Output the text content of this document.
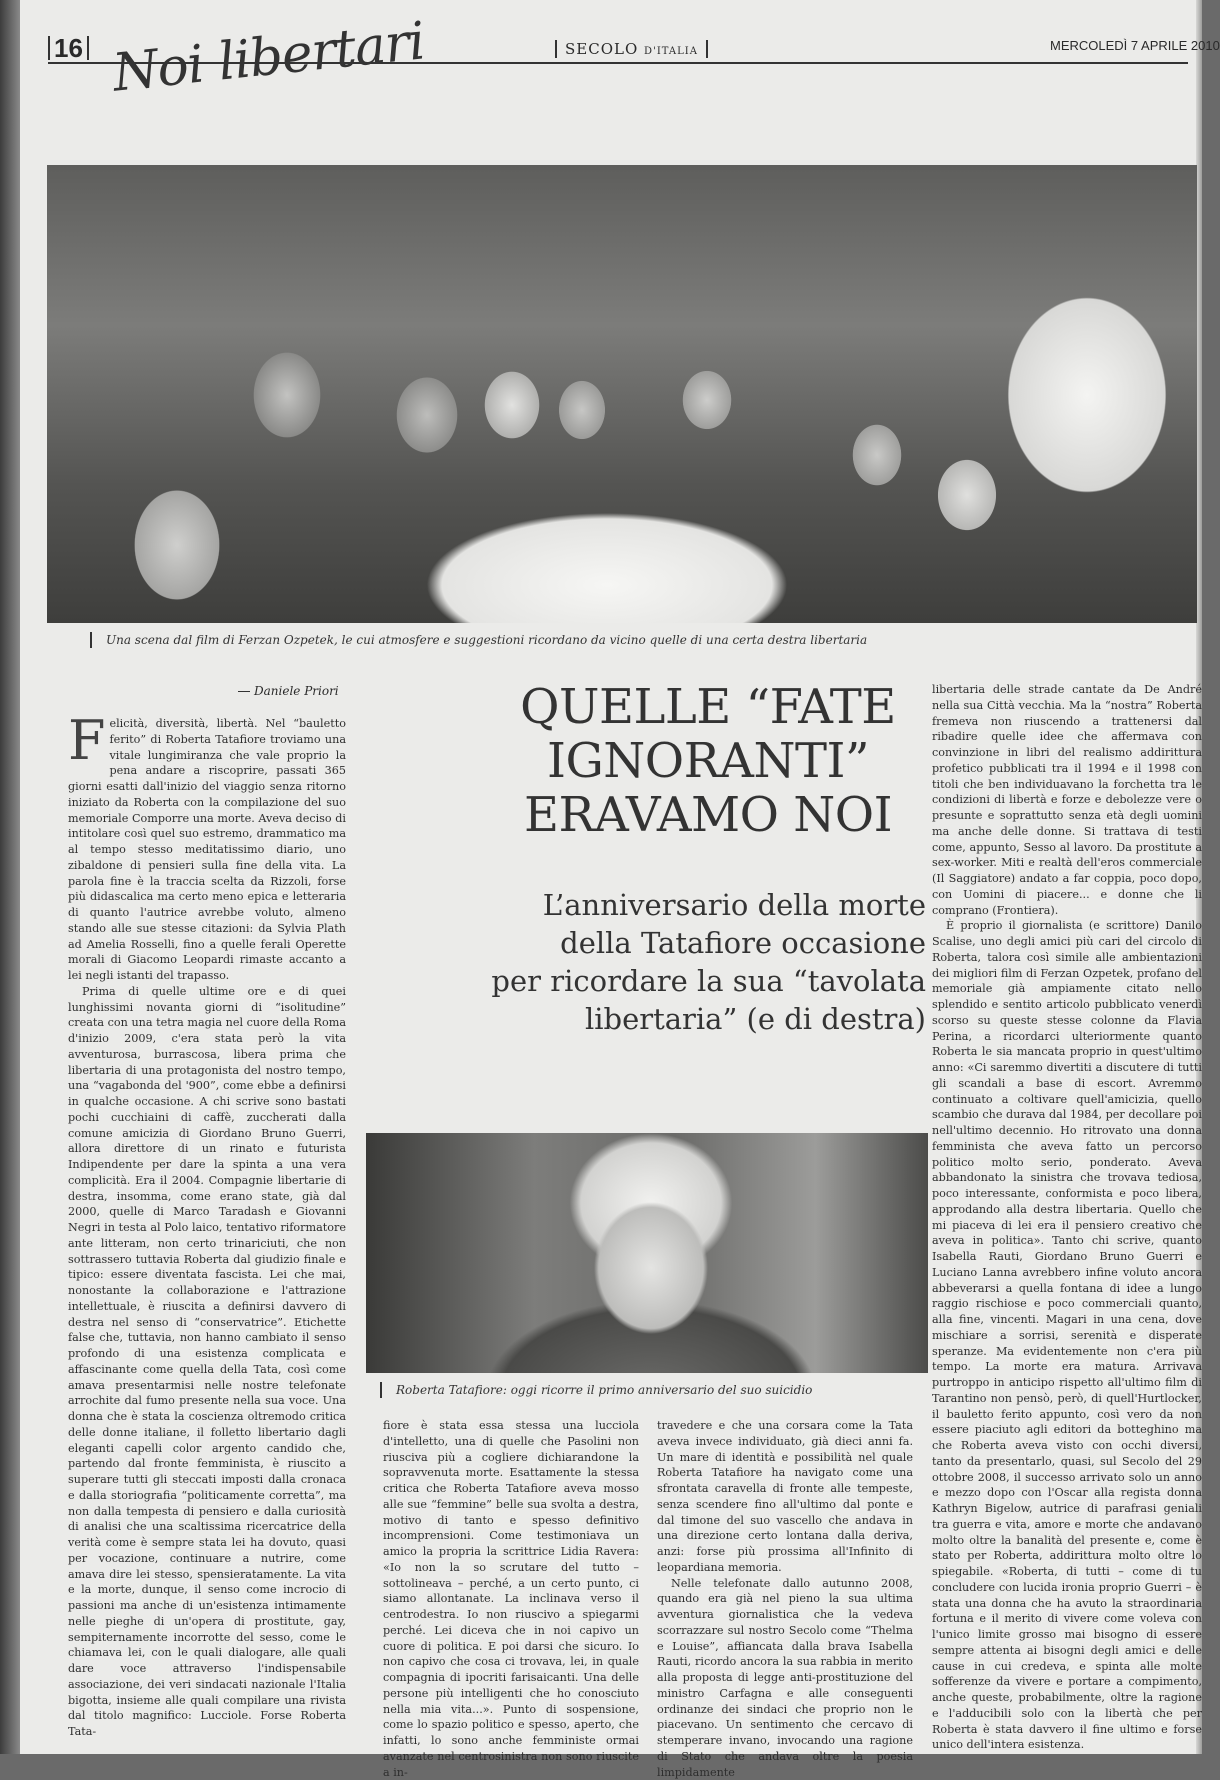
16 Noi libertari	SECOLO D'ITALIA	MERCOLEDÌ 7 APRILE 2010
Una scena dal film di Ferzan Ozpetek, le cui atmosfere e suggestioni ricordano da vicino quelle di una certa destra libertaria
Daniele Priori
F elicità, diversità, libertà. Nel “bauletto ferito” di Roberta Tatafiore troviamo una vitale lungimiranza che vale proprio la pena andare a riscoprire, passati 365 giorni esatti dall'inizio del viaggio senza ritorno iniziato da Roberta con la compilazione del suo memoriale Comporre una morte. Aveva deciso di intitolare così quel suo estremo, drammatico ma al tempo stesso meditatissimo diario, uno zibaldone di pensieri sulla fine della vita. La parola fine è la traccia scelta da Rizzoli, forse più didascalica ma certo meno epica e letteraria di quanto l'autrice avrebbe voluto, almeno stando alle sue stesse citazioni: da Sylvia Plath ad Amelia Rosselli, fino a quelle ferali Operette morali di Giacomo Leopardi rimaste accanto a lei negli istanti del trapasso.

Prima di quelle ultime ore e di quei lunghissimi novanta giorni di “isolitudine” creata con una tetra magia nel cuore della Roma d'inizio 2009, c'era stata però la vita avventurosa, burrascosa, libera prima che libertaria di una protagonista del nostro tempo, una “vagabonda del '900”, come ebbe a definirsi in qualche occasione. A chi scrive sono bastati pochi cucchiaini di caffè, zuccherati dalla comune amicizia di Giordano Bruno Guerri, allora direttore di un rinato e futurista Indipendente per dare la spinta a una vera complicità. Era il 2004. Compagnie libertarie di destra, insomma, come erano state, già dal 2000, quelle di Marco Taradash e Giovanni Negri in testa al Polo laico, tentativo riformatore ante litteram, non certo trinariciuti, che non sottrassero tuttavia Roberta dal giudizio finale e tipico: essere diventata fascista. Lei che mai, nonostante la collaborazione e l'attrazione intellettuale, è riuscita a definirsi davvero di destra nel senso di “conservatrice”. Etichette false che, tuttavia, non hanno cambiato il senso profondo di una esistenza complicata e affascinante come quella della Tata, così come amava presentarmisi nelle nostre telefonate arrochite dal fumo presente nella sua voce. Una donna che è stata la coscienza oltremodo critica delle donne italiane, il folletto libertario dagli eleganti capelli color argento candido che, partendo dal fronte femminista, è riuscito a superare tutti gli steccati imposti dalla cronaca e dalla storiografia “politicamente corretta”, ma non dalla tempesta di pensiero e dalla curiosità di analisi che una scaltissima ricercatrice della verità come è sempre stata lei ha dovuto, quasi per vocazione, continuare a nutrire, come amava dire lei stesso, spensieratamente. La vita e la morte, dunque, il senso come incrocio di passioni ma anche di un'esistenza intimamente nelle pieghe di un'opera di prostitute, gay, sempiternamente incorrotte del sesso, come le chiamava lei, con le quali dialogare, alle quali dare voce attraverso l'indispensabile associazione, dei veri sindacati nazionale l'Italia bigotta, insieme alle quali compilare una rivista dal titolo magnifico: Lucciole. Forse Roberta Tata-

QUELLE “FATE
IGNORANTI”
ERAVAMO NOI
L’anniversario della morte
della Tatafiore occasione
per ricordare la sua “tavolata
libertaria” (e di destra)
Roberta Tatafiore: oggi ricorre il primo anniversario del suo suicidio

fiore è stata essa stessa una lucciola d'intelletto, una di quelle che Pasolini non riusciva più a cogliere dichiarandone la sopravvenuta morte. Esattamente la stessa critica che Roberta Tatafiore aveva mosso alle sue “femmine” belle sua svolta a destra, motivo di tanto e spesso definitivo incomprensioni. Come testimoniava un amico la propria la scrittrice Lidia Ravera: «Io non la so scrutare del tutto – sottolineava – perché, a un certo punto, ci siamo allontanate. La inclinava verso il centrodestra. Io non riuscivo a spiegarmi perché. Lei diceva che in noi capivo un cuore di politica. E poi darsi che sicuro. Io non capivo che cosa ci trovava, lei, in quale compagnia di ipocriti farisaicanti. Una delle persone più intelligenti che ho conosciuto nella mia vita...». Punto di sospensione, come lo spazio politico e spesso, aperto, che infatti, lo sono anche femministe ormai avanzate nel centrosinistra non sono riuscite a in-

travedere e che una corsara come la Tata aveva invece individuato, già dieci anni fa. Un mare di identità e possibilità nel quale Roberta Tatafiore ha navigato come una sfrontata caravella di fronte alle tempeste, senza scendere fino all'ultimo dal ponte e dal timone del suo vascello che andava in una direzione certo lontana dalla deriva, anzi: forse più prossima all'Infinito di leopardiana memoria.

Nelle telefonate dallo autunno 2008, quando era già nel pieno la sua ultima avventura giornalistica che la vedeva scorrazzare sul nostro Secolo come “Thelma e Louise”, affiancata dalla brava Isabella Rauti, ricordo ancora la sua rabbia in merito alla proposta di legge anti-prostituzione del ministro Carfagna e alle conseguenti ordinanze dei sindaci che proprio non le piacevano. Un sentimento che cercavo di stemperare invano, invocando una ragione di Stato che andava oltre la poesia limpidamente

libertaria delle strade cantate da De André nella sua Città vecchia. Ma la “nostra” Roberta fremeva non riuscendo a trattenersi dal ribadire quelle idee che affermava con convinzione in libri del realismo addirittura profetico pubblicati tra il 1994 e il 1998 con titoli che ben individuavano la forchetta tra le condizioni di libertà e forze e debolezze vere o presunte e soprattutto senza età degli uomini ma anche delle donne. Si trattava di testi come, appunto, Sesso al lavoro. Da prostitute a sex-worker. Miti e realtà dell'eros commerciale (Il Saggiatore) andato a far coppia, poco dopo, con Uomini di piacere... e donne che li comprano (Frontiera).

È proprio il giornalista (e scrittore) Danilo Scalise, uno degli amici più cari del circolo di Roberta, talora così simile alle ambientazioni dei migliori film di Ferzan Ozpetek, profano del memoriale già ampiamente citato nello splendido e sentito articolo pubblicato venerdì scorso su queste stesse colonne da Flavia Perina, a ricordarci ulteriormente quanto Roberta le sia mancata proprio in quest'ultimo anno: «Ci saremmo divertiti a discutere di tutti gli scandali a base di escort. Avremmo continuato a coltivare quell'amicizia, quello scambio che durava dal 1984, per decollare poi nell'ultimo decennio. Ho ritrovato una donna femminista che aveva fatto un percorso politico molto serio, ponderato. Aveva abbandonato la sinistra che trovava tediosa, poco interessante, conformista e poco libera, approdando alla destra libertaria. Quello che mi piaceva di lei era il pensiero creativo che aveva in politica». Tanto chi scrive, quanto Isabella Rauti, Giordano Bruno Guerri e Luciano Lanna avrebbero infine voluto ancora abbeverarsi a quella fontana di idee a lungo raggio rischiose e poco commerciali quanto, alla fine, vincenti. Magari in una cena, dove mischiare a sorrisi, serenità e disperate speranze. Ma evidentemente non c'era più tempo. La morte era matura. Arrivava purtroppo in anticipo rispetto all'ultimo film di Tarantino non pensò, però, di quell'Hurtlocker, il bauletto ferito appunto, così vero da non essere piaciuto agli editori da botteghino ma che Roberta aveva visto con occhi diversi, tanto da presentarlo, quasi, sul Secolo del 29 ottobre 2008, il successo arrivato solo un anno e mezzo dopo con l'Oscar alla regista donna Kathryn Bigelow, autrice di parafrasi geniali tra guerra e vita, amore e morte che andavano molto oltre la banalità del presente e, come è stato per Roberta, addirittura molto oltre lo spiegabile. «Roberta, di tutti – come di tu concludere con lucida ironia proprio Guerri – è stata una donna che ha avuto la straordinaria fortuna e il merito di vivere come voleva con l'unico limite grosso mai bisogno di essere sempre attenta ai bisogni degli amici e delle cause in cui credeva, e spinta alle molte sofferenze da vivere e portare a compimento, anche queste, probabilmente, oltre la ragione e l'adducibili solo con la libertà che per Roberta è stata davvero il fine ultimo e forse unico dell'intera esistenza.
